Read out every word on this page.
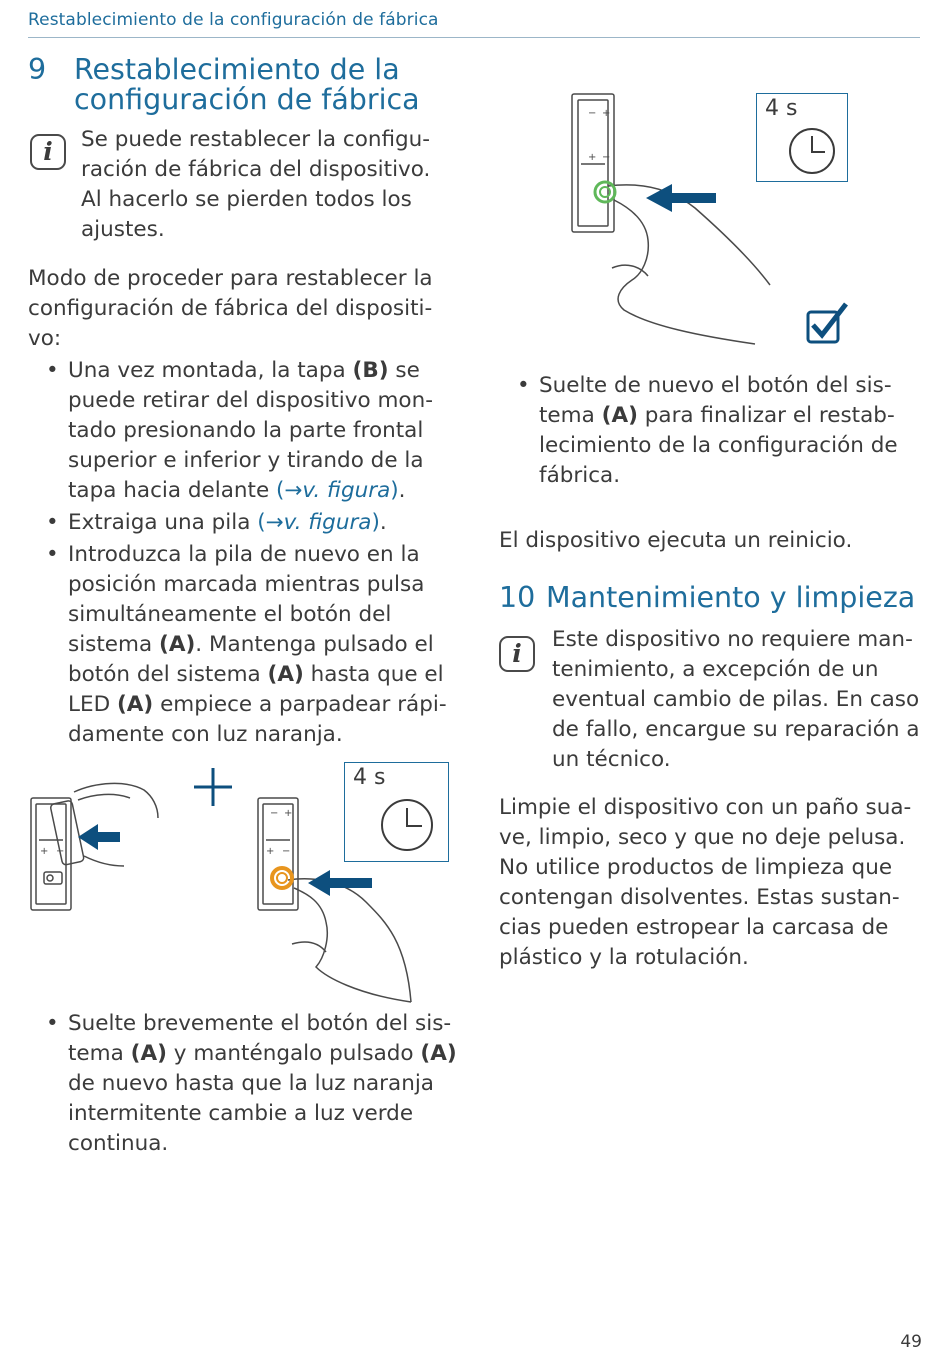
Restablecimiento de la configuración de fábrica
9 Restablecimiento de la
configuración de fábrica
i	Se puede restablecer la configuración de fábrica del dispositivo. Al hacerlo se pierden todos los ajustes.
Modo de proceder para restablecer la configuración de fábrica del dispositivo:
• Una vez montada, la tapa (B) se puede retirar del dispositivo montado presionando la parte frontal superior e inferior y tirando de la tapa hacia delante (→v. figura).
• Extraiga una pila (→v. figura).
• Introduzca la pila de nuevo en la posición marcada mientras pulsa simultáneamente el botón del sistema (A). Mantenga pulsado el botón del sistema (A) hasta que el LED (A) empiece a parpadear rápidamente con luz naranja.
+ −	+ −
− +
4 s
• Suelte brevemente el botón del sistema (A) y manténgalo pulsado (A) de nuevo hasta que la luz naranja intermitente cambie a luz verde continua.
− +
+ −
4 s
• Suelte de nuevo el botón del sistema (A) para finalizar el restablecimiento de la configuración de fábrica.
El dispositivo ejecuta un reinicio.
10 Mantenimiento y limpieza
i	Este dispositivo no requiere mantenimiento, a excepción de un eventual cambio de pilas. En caso de fallo, encargue su reparación a un técnico.
Limpie el dispositivo con un paño suave, limpio, seco y que no deje pelusa. No utilice productos de limpieza que contengan disolventes. Estas sustancias pueden estropear la carcasa de plástico y la rotulación.
49
